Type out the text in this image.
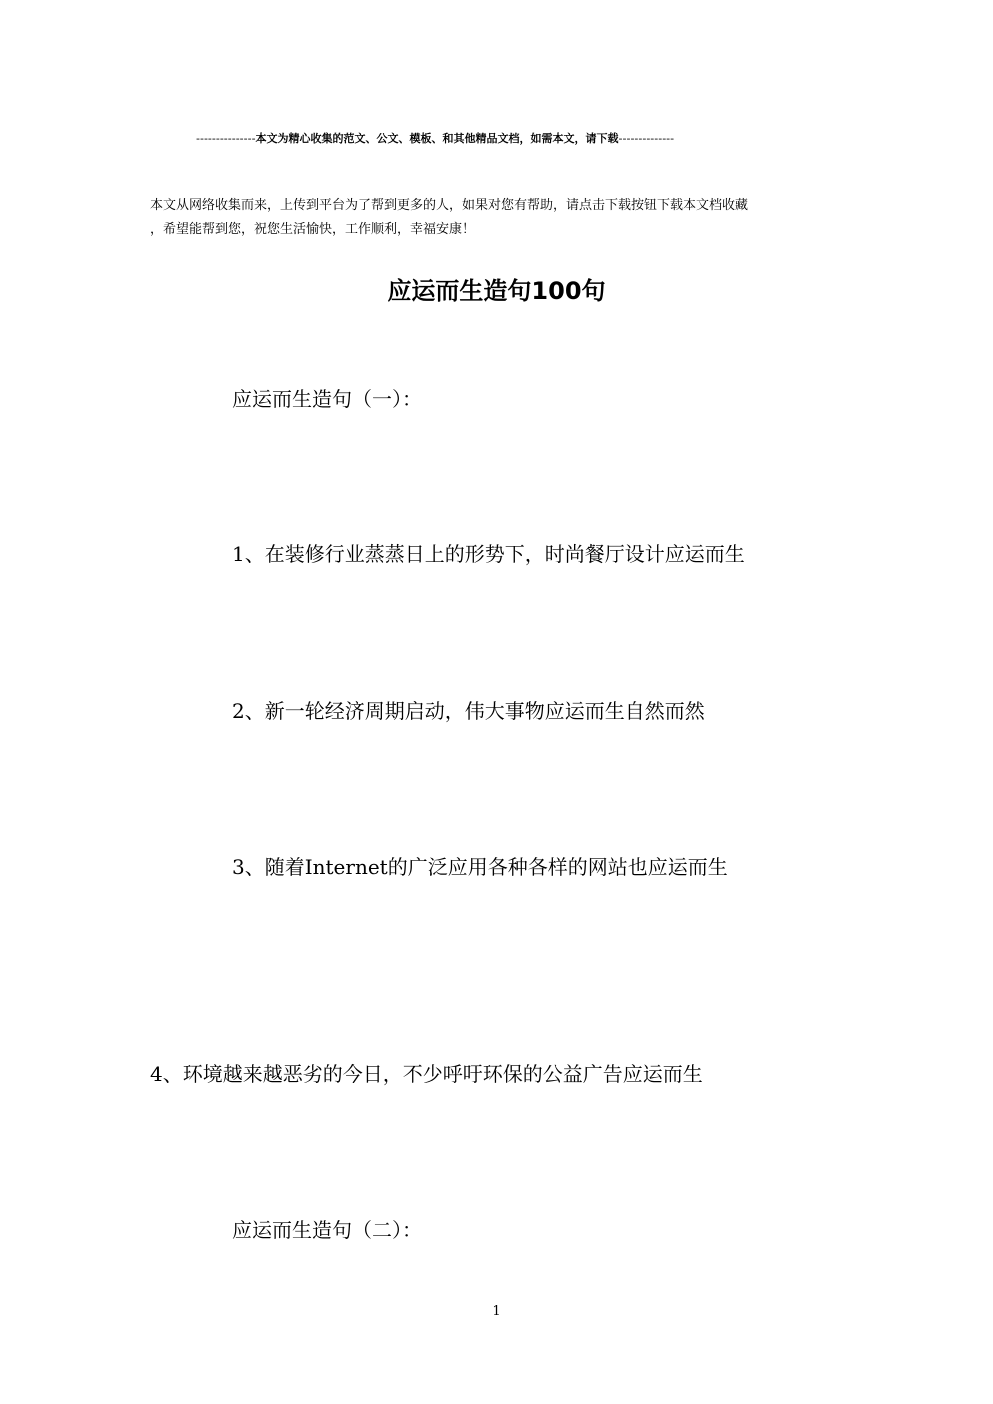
--------------- 本文为精心收集的范文、公文、模板、和其他精品文档，如需本文，请下载 --------------

本文从网络收集而来，上传到平台为了帮到更多的人，如果对您有帮助，请点击下载按钮下载本文档收藏

，希望能帮到您，祝您生活愉快，工作顺利，幸福安康！

应运而生造句100句

应运而生造句（一）：

1、在装修行业蒸蒸日上的形势下，时尚餐厅设计应运而生

2、新一轮经济周期启动，伟大事物应运而生自然而然

3、随着Internet的广泛应用各种各样的网站也应运而生

4、环境越来越恶劣的今日，不少呼吁环保的公益广告应运而生

应运而生造句（二）：

1
